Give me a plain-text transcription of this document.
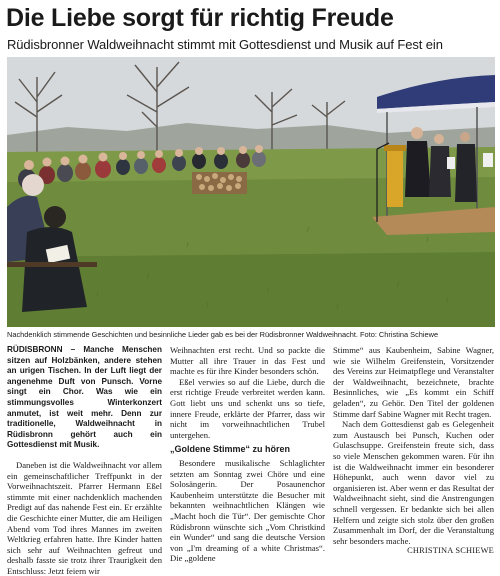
Die Liebe sorgt für richtig Freude
Rüdisbronner Waldweihnacht stimmt mit Gottesdienst und Musik auf Fest ein
Nachdenklich stimmende Geschichten und besinnliche Lieder gab es bei der Rüdisbronner Waldweihnacht. Foto: Christina Schiewe

RÜDISBRONN – Manche Menschen sitzen auf Holzbänken, andere stehen an urigen Tischen. In der Luft liegt der angenehme Duft von Punsch. Vorne singt ein Chor. Was wie ein stimmungsvolles Winterkonzert anmutet, ist weit mehr. Denn zur traditionelle, Waldweihnacht in Rüdisbronn gehört auch ein Gottesdienst mit Musik.

Daneben ist die Waldweihnacht vor allem ein gemeinschaftlicher Treffpunkt in der Vorweihnachtszeit. Pfarrer Hermann Eßel stimmte mit einer nachdenklich machenden Predigt auf das nahende Fest ein. Er erzählte die Geschichte einer Mutter, die am Heiligen Abend vom Tod ihres Mannes im zweiten Weltkrieg erfahren hatte. Ihre Kinder hatten sich sehr auf Weihnachten gefreut und deshalb fasste sie trotz ihrer Traurigkeit den Entschluss: Jetzt feiern wir

Weihnachten erst recht. Und so packte die Mutter all ihre Trauer in das Fest und machte es für ihre Kinder besonders schön.

Eßel verwies so auf die Liebe, durch die erst richtige Freude verbreitet werden kann. Gott liebt uns und schenkt uns so tiefe, innere Freude, erklärte der Pfarrer, dass wir nicht im vorweihnachtlichen Trubel untergehen.

„Goldene Stimme“ zu hören

Besondere musikalische Schlaglichter setzten am Sonntag zwei Chöre und eine Solosängerin. Der Posaunenchor Kaubenheim unterstützte die Besucher mit bekannten weihnachtlichen Klängen wie „Macht hoch die Tür“. Der gemischte Chor Rüdisbronn wünschte sich „Vom Christkind ein Wunder“ und sang die deutsche Version von „I'm dreaming of a white Christmas“. Die „goldene

Stimme“ aus Kaubenheim, Sabine Wagner, wie sie Wilhelm Greifenstein, Vorsitzender des Vereins zur Heimatpflege und Veranstalter der Waldweihnacht, bezeichnete, brachte Besinnliches, wie „Es kommt ein Schiff geladen“, zu Gehör. Den Titel der goldenen Stimme darf Sabine Wagner mit Recht tragen.

Nach dem Gottesdienst gab es Gelegenheit zum Austausch bei Punsch, Kuchen oder Gulaschsuppe. Greifenstein freute sich, dass so viele Menschen gekommen waren. Für ihn ist die Waldweihnacht immer ein besonderer Höhepunkt, auch wenn davor viel zu organisieren ist. Aber wenn er das Resultat der Waldweihnacht sieht, sind die Anstrengungen schnell vergessen. Er bedankte sich bei allen Helfern und zeigte sich stolz über den großen Zusammenhalt im Dorf, der die Veranstaltung sehr besonders mache.

CHRISTINA SCHIEWE
